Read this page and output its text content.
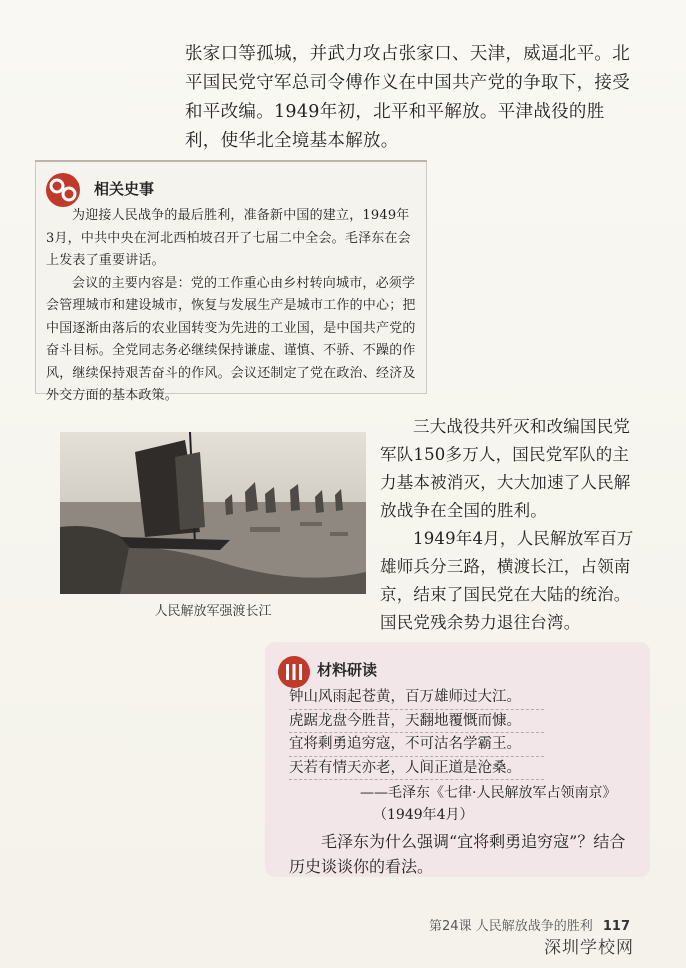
张家口等孤城，并武力攻占张家口、天津，威逼北平。北平国民党守军总司令傅作义在中国共产党的争取下，接受和平改编。1949年初，北平和平解放。平津战役的胜利，使华北全境基本解放。
相关史事

为迎接人民战争的最后胜利，准备新中国的建立，1949年3月，中共中央在河北西柏坡召开了七届二中全会。毛泽东在会上发表了重要讲话。

会议的主要内容是：党的工作重心由乡村转向城市，必须学会管理城市和建设城市，恢复与发展生产是城市工作的中心；把中国逐渐由落后的农业国转变为先进的工业国，是中国共产党的奋斗目标。全党同志务必继续保持谦虚、谨慎、不骄、不躁的作风，继续保持艰苦奋斗的作风。会议还制定了党在政治、经济及外交方面的基本政策。

人民解放军强渡长江

三大战役共歼灭和改编国民党军队150多万人，国民党军队的主力基本被消灭，大大加速了人民解放战争在全国的胜利。

1949年4月，人民解放军百万雄师兵分三路，横渡长江，占领南京，结束了国民党在大陆的统治。国民党残余势力退往台湾。

材料研读
钟山风雨起苍黄，百万雄师过大江。
虎踞龙盘今胜昔，天翻地覆慨而慷。
宜将剩勇追穷寇，不可沽名学霸王。
天若有情天亦老，人间正道是沧桑。
——毛泽东《七律·人民解放军占领南京》
（1949年4月）
毛泽东为什么强调“宜将剩勇追穷寇”？结合历史谈谈你的看法。
第24课 人民解放战争的胜利 117
深圳学校网
